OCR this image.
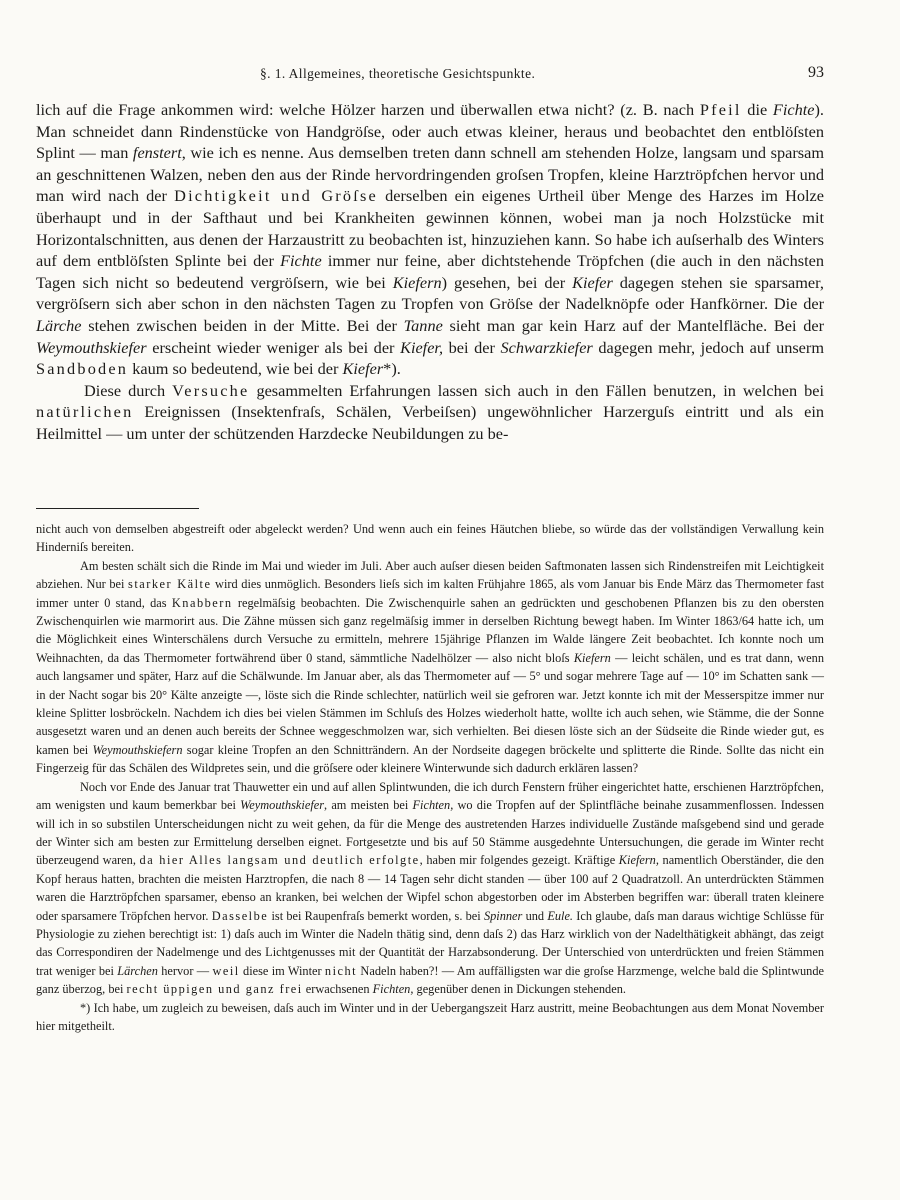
§. 1. Allgemeines, theoretische Gesichtspunkte.	93

lich auf die Frage ankommen wird: welche Hölzer harzen und überwallen etwa nicht? (z. B. nach Pfeil die Fichte). Man schneidet dann Rindenstücke von Handgröſse, oder auch etwas kleiner, heraus und beobachtet den entblöſsten Splint — man fenstert, wie ich es nenne. Aus demselben treten dann schnell am stehenden Holze, langsam und sparsam an geschnittenen Walzen, neben den aus der Rinde hervordringenden groſsen Tropfen, kleine Harztröpfchen hervor und man wird nach der Dichtigkeit und Gröſse derselben ein eigenes Urtheil über Menge des Harzes im Holze überhaupt und in der Safthaut und bei Krankheiten gewinnen können, wobei man ja noch Holzstücke mit Horizontalschnitten, aus denen der Harzaustritt zu beobachten ist, hinzuziehen kann. So habe ich auſserhalb des Winters auf dem entblöſsten Splinte bei der Fichte immer nur feine, aber dichtstehende Tröpfchen (die auch in den nächsten Tagen sich nicht so bedeutend vergröſsern, wie bei Kiefern) gesehen, bei der Kiefer dagegen stehen sie sparsamer, vergröſsern sich aber schon in den nächsten Tagen zu Tropfen von Gröſse der Nadelknöpfe oder Hanfkörner. Die der Lärche stehen zwischen beiden in der Mitte. Bei der Tanne sieht man gar kein Harz auf der Mantelfläche. Bei der Weymouthskiefer erscheint wieder weniger als bei der Kiefer, bei der Schwarzkiefer dagegen mehr, jedoch auf unserm Sandboden kaum so bedeutend, wie bei der Kiefer*).

Diese durch Versuche gesammelten Erfahrungen lassen sich auch in den Fällen benutzen, in welchen bei natürlichen Ereignissen (Insektenfraſs, Schälen, Verbeiſsen) ungewöhnlicher Harzerguſs eintritt und als ein Heilmittel — um unter der schützenden Harzdecke Neubildungen zu be-

nicht auch von demselben abgestreift oder abgeleckt werden? Und wenn auch ein feines Häutchen bliebe, so würde das der vollständigen Verwallung kein Hinderniſs bereiten.

Am besten schält sich die Rinde im Mai und wieder im Juli. Aber auch auſser diesen beiden Saftmonaten lassen sich Rindenstreifen mit Leichtigkeit abziehen. Nur bei starker Kälte wird dies unmöglich. Besonders lieſs sich im kalten Frühjahre 1865, als vom Januar bis Ende März das Thermometer fast immer unter 0 stand, das Knabbern regelmäſsig beobachten. Die Zwischenquirle sahen an gedrückten und geschobenen Pflanzen bis zu den obersten Zwischenquirlen wie marmorirt aus. Die Zähne müssen sich ganz regelmäſsig immer in derselben Richtung bewegt haben. Im Winter 1863/64 hatte ich, um die Möglichkeit eines Winterschälens durch Versuche zu ermitteln, mehrere 15jährige Pflanzen im Walde längere Zeit beobachtet. Ich konnte noch um Weihnachten, da das Thermometer fortwährend über 0 stand, sämmtliche Nadelhölzer — also nicht bloſs Kiefern — leicht schälen, und es trat dann, wenn auch langsamer und später, Harz auf die Schälwunde. Im Januar aber, als das Thermometer auf — 5° und sogar mehrere Tage auf — 10° im Schatten sank — in der Nacht sogar bis 20° Kälte anzeigte —, löste sich die Rinde schlechter, natürlich weil sie gefroren war. Jetzt konnte ich mit der Messerspitze immer nur kleine Splitter losbröckeln. Nachdem ich dies bei vielen Stämmen im Schluſs des Holzes wiederholt hatte, wollte ich auch sehen, wie Stämme, die der Sonne ausgesetzt waren und an denen auch bereits der Schnee weggeschmolzen war, sich verhielten. Bei diesen löste sich an der Südseite die Rinde wieder gut, es kamen bei Weymouthskiefern sogar kleine Tropfen an den Schnitträndern. An der Nordseite dagegen bröckelte und splitterte die Rinde. Sollte das nicht ein Fingerzeig für das Schälen des Wildpretes sein, und die gröſsere oder kleinere Winterwunde sich dadurch erklären lassen?

Noch vor Ende des Januar trat Thauwetter ein und auf allen Splintwunden, die ich durch Fenstern früher eingerichtet hatte, erschienen Harztröpfchen, am wenigsten und kaum bemerkbar bei Weymouthskiefer, am meisten bei Fichten, wo die Tropfen auf der Splintfläche beinahe zusammenflossen. Indessen will ich in so substilen Unterscheidungen nicht zu weit gehen, da für die Menge des austretenden Harzes individuelle Zustände maſsgebend sind und gerade der Winter sich am besten zur Ermittelung derselben eignet. Fortgesetzte und bis auf 50 Stämme ausgedehnte Untersuchungen, die gerade im Winter recht überzeugend waren, da hier Alles langsam und deutlich erfolgte, haben mir folgendes gezeigt. Kräftige Kiefern, namentlich Oberständer, die den Kopf heraus hatten, brachten die meisten Harztropfen, die nach 8 — 14 Tagen sehr dicht standen — über 100 auf 2 Quadratzoll. An unterdrückten Stämmen waren die Harztröpfchen sparsamer, ebenso an kranken, bei welchen der Wipfel schon abgestorben oder im Absterben begriffen war: überall traten kleinere oder sparsamere Tröpfchen hervor. Dasselbe ist bei Raupenfraſs bemerkt worden, s. bei Spinner und Eule. Ich glaube, daſs man daraus wichtige Schlüsse für Physiologie zu ziehen berechtigt ist: 1) daſs auch im Winter die Nadeln thätig sind, denn daſs 2) das Harz wirklich von der Nadelthätigkeit abhängt, das zeigt das Correspondiren der Nadelmenge und des Lichtgenusses mit der Quantität der Harzabsonderung. Der Unterschied von unterdrückten und freien Stämmen trat weniger bei Lärchen hervor — weil diese im Winter nicht Nadeln haben?! — Am auffälligsten war die groſse Harzmenge, welche bald die Splintwunde ganz überzog, bei recht üppigen und ganz frei erwachsenen Fichten, gegenüber denen in Dickungen stehenden.

*) Ich habe, um zugleich zu beweisen, daſs auch im Winter und in der Uebergangszeit Harz austritt, meine Beobachtungen aus dem Monat November hier mitgetheilt.
